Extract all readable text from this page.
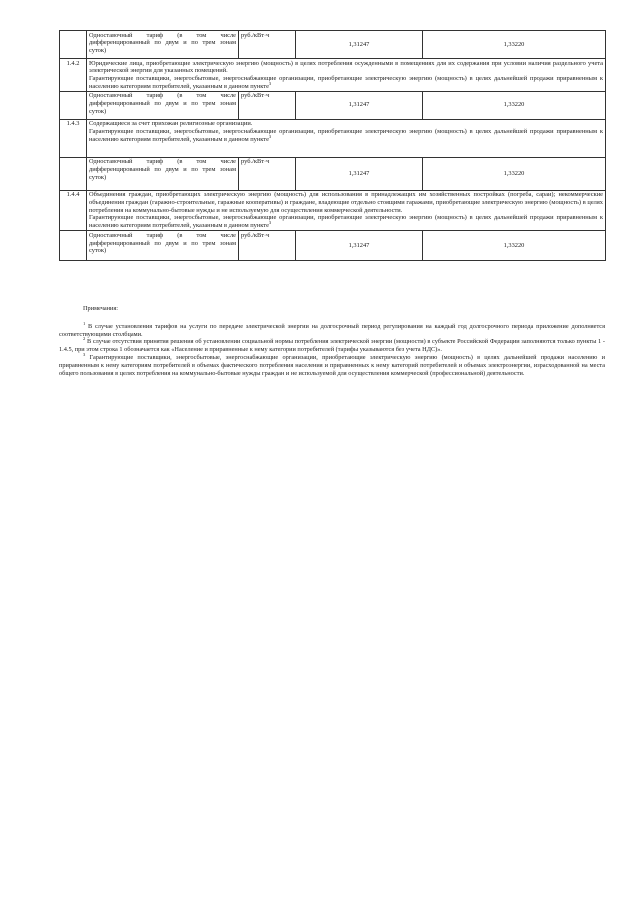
	Одноставочный тариф (в том числе дифференцированный по двум и по трем зонам суток)	руб./кВт·ч	1,31247	1,33220
1.4.2	Юридические лица, приобретающие электрическую энергию (мощность) в целях потребления осужденными в помещениях для их содержания при условии наличия раздельного учета электрической энергии для указанных помещений.
Гарантирующие поставщики, энергосбытовые, энергоснабжающие организации, приобретающие электрическую энергию (мощность) в целях дальнейшей продажи приравненным к населению категориям потребителей, указанным в данном пункте$^3$

	Одноставочный тариф (в том числе дифференцированный по двум и по трем зонам суток)	руб./кВт·ч	1,31247	1,33220
1.4.3	Содержащиеся за счет прихожан религиозные организации.
Гарантирующие поставщики, энергосбытовые, энергоснабжающие организации, приобретающие электрическую энергию (мощность) в целях дальнейшей продажи приравненным к населению категориям потребителей, указанным в данном пункте$^3$

	Одноставочный тариф (в том числе дифференцированный по двум и по трем зонам суток)	руб./кВт·ч	1,31247	1,33220
1.4.4	Объединения граждан, приобретающих электрическую энергию (мощность) для использования в принадлежащих им хозяйственных постройках (погреба, сараи); некоммерческие объединения граждан (гаражно-строительные, гаражные кооперативы) и граждане, владеющие отдельно стоящими гаражами, приобретающие электрическую энергию (мощность) в целях потребления на коммунально-бытовые нужды и не используемую для осуществления коммерческой деятельности.
Гарантирующие поставщики, энергосбытовые, энергоснабжающие организации, приобретающие электрическую энергию (мощность) в целях дальнейшей продажи приравненным к населению категориям потребителей, указанным в данном пункте$^3$

	Одноставочный тариф (в том числе дифференцированный по двум и по трем зонам суток)	руб./кВт·ч	1,31247	1,33220
Примечания:
$^1$ В случае установления тарифов на услуги по передаче электрической энергии на долгосрочный период регулирования на каждый год долгосрочного периода приложение дополняется соответствующими столбцами.
$^2$ В случае отсутствия принятия решения об установлении социальной нормы потребления электрической энергии (мощности) в субъекте Российской Федерации заполняются только пункты 1 - 1.4.5, при этом строка 1 обозначается как «Население и приравненные к нему категории потребителей (тарифы указываются без учета НДС)».
$^3$ Гарантирующие поставщики, энергосбытовые, энергоснабжающие организации, приобретающие электрическую энергию (мощность) в целях дальнейшей продажи населению и приравненным к нему категориям потребителей в объемах фактического потребления населения и приравненных к нему категорий потребителей и объемах электроэнергии, израсходованной на места общего пользования в целях потребления на коммунально-бытовые нужды граждан и не используемой для осуществления коммерческой (профессиональной) деятельности.
